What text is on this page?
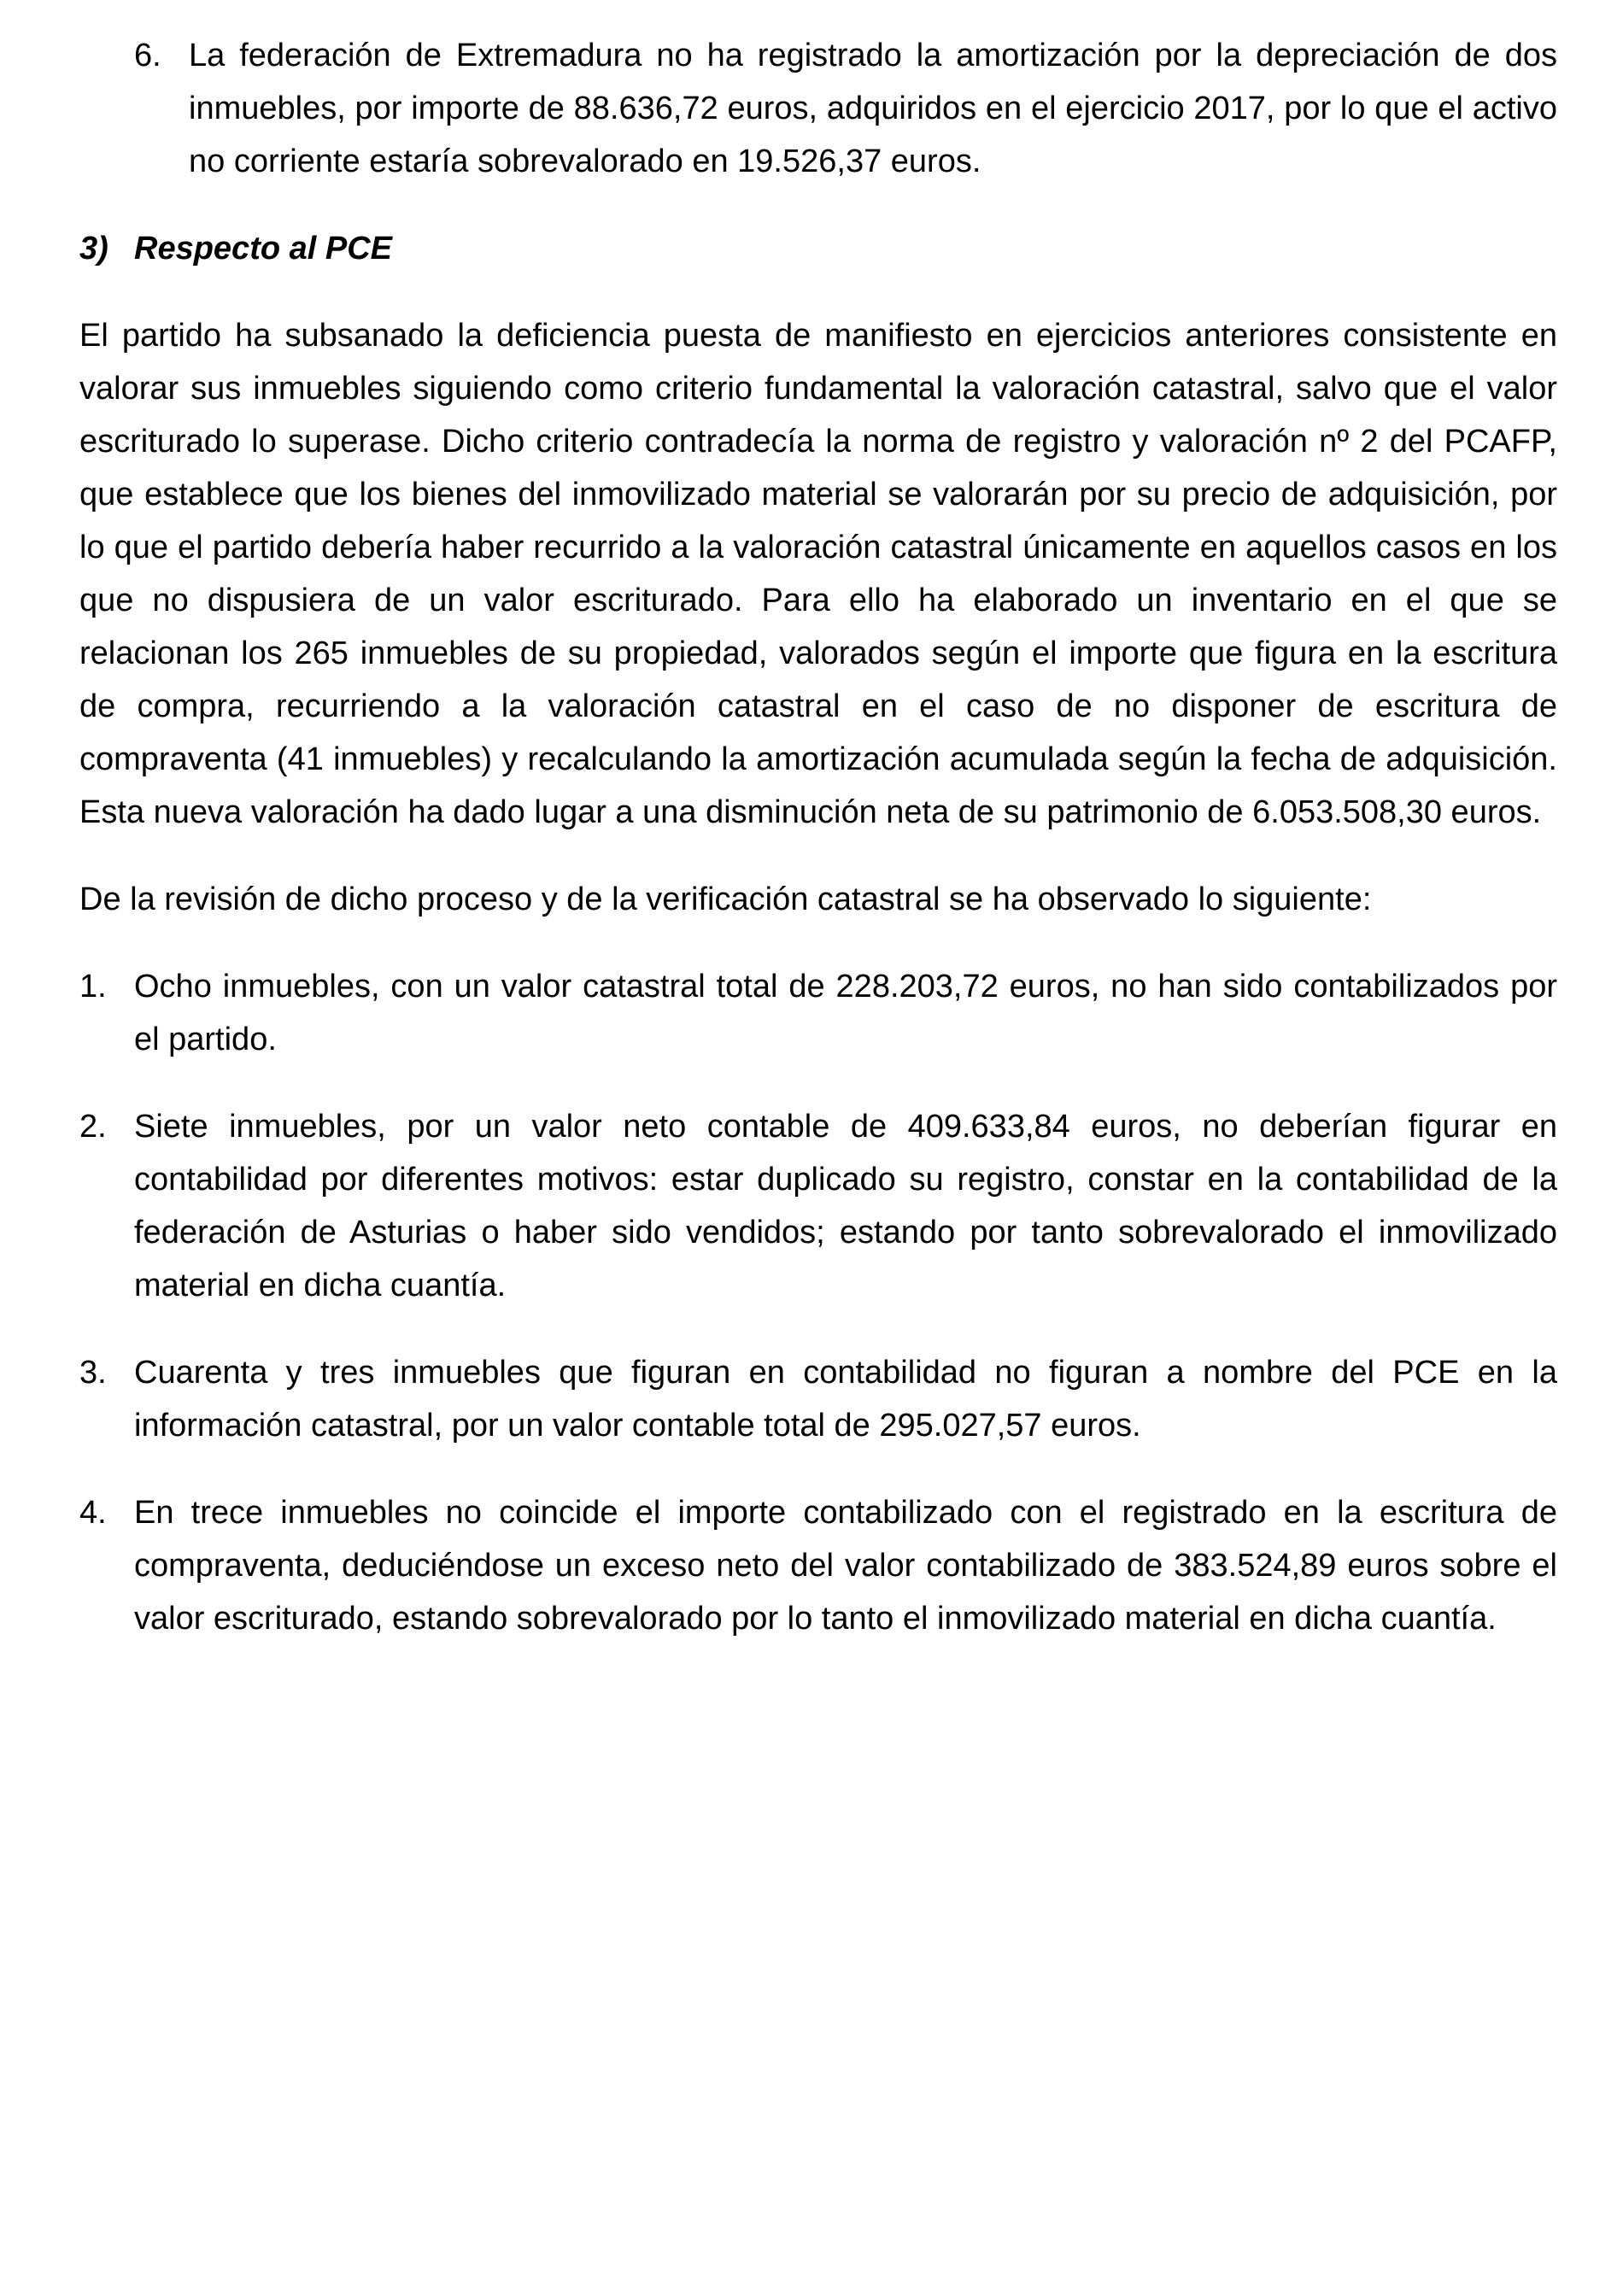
6. La federación de Extremadura no ha registrado la amortización por la depreciación de dos inmuebles, por importe de 88.636,72 euros, adquiridos en el ejercicio 2017, por lo que el activo no corriente estaría sobrevalorado en 19.526,37 euros.
3) Respecto al PCE

El partido ha subsanado la deficiencia puesta de manifiesto en ejercicios anteriores consistente en valorar sus inmuebles siguiendo como criterio fundamental la valoración catastral, salvo que el valor escriturado lo superase. Dicho criterio contradecía la norma de registro y valoración nº 2 del PCAFP, que establece que los bienes del inmovilizado material se valorarán por su precio de adquisición, por lo que el partido debería haber recurrido a la valoración catastral únicamente en aquellos casos en los que no dispusiera de un valor escriturado. Para ello ha elaborado un inventario en el que se relacionan los 265 inmuebles de su propiedad, valorados según el importe que figura en la escritura de compra, recurriendo a la valoración catastral en el caso de no disponer de escritura de compraventa (41 inmuebles) y recalculando la amortización acumulada según la fecha de adquisición. Esta nueva valoración ha dado lugar a una disminución neta de su patrimonio de 6.053.508,30 euros.

De la revisión de dicho proceso y de la verificación catastral se ha observado lo siguiente:

1. Ocho inmuebles, con un valor catastral total de 228.203,72 euros, no han sido contabilizados por el partido.
2. Siete inmuebles, por un valor neto contable de 409.633,84 euros, no deberían figurar en contabilidad por diferentes motivos: estar duplicado su registro, constar en la contabilidad de la federación de Asturias o haber sido vendidos; estando por tanto sobrevalorado el inmovilizado material en dicha cuantía.
3. Cuarenta y tres inmuebles que figuran en contabilidad no figuran a nombre del PCE en la información catastral, por un valor contable total de 295.027,57 euros.
4. En trece inmuebles no coincide el importe contabilizado con el registrado en la escritura de compraventa, deduciéndose un exceso neto del valor contabilizado de 383.524,89 euros sobre el valor escriturado, estando sobrevalorado por lo tanto el inmovilizado material en dicha cuantía.
